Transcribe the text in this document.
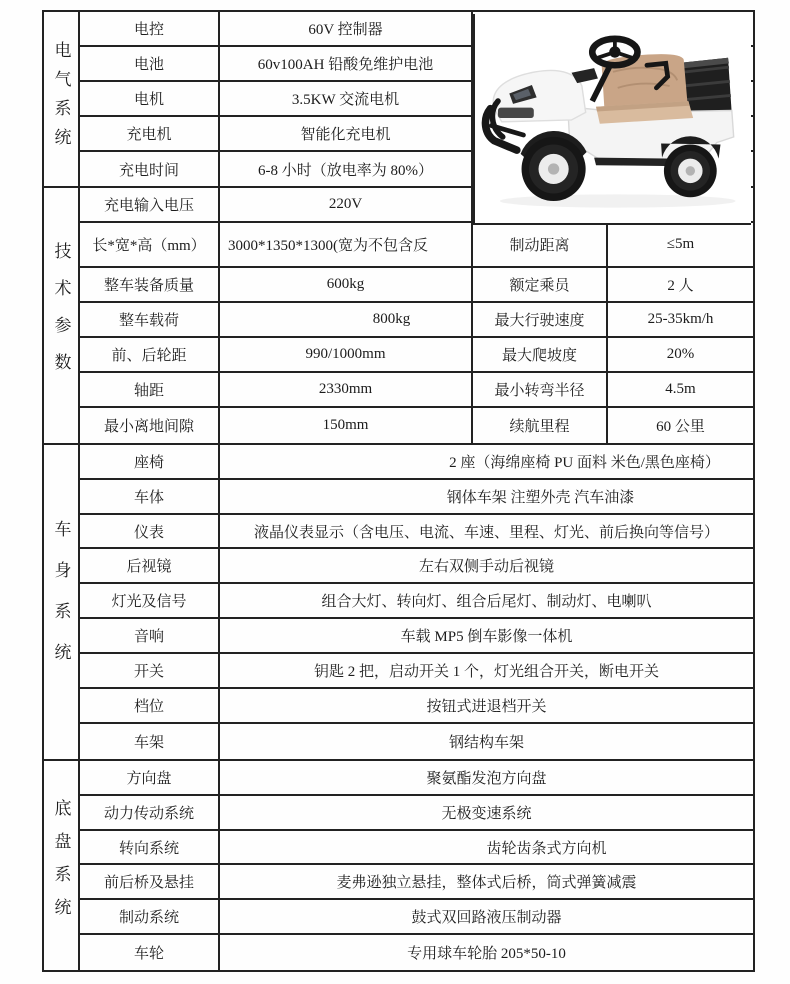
电气系统
电控	60V 控制器
电池	60v100AH 铅酸免维护电池
电机	3.5KW 交流电机
充电机	智能化充电机
充电时间	6-8 小时（放电率为 80%）
技术参数
充电输入电压	220V
长*宽*高（mm）	3000*1350*1300(宽为不包含反	制动距离	≤5m
整车装备质量	600kg	额定乘员	2 人
整车载荷	800kg	最大行驶速度	25-35km/h
前、后轮距	990/1000mm	最大爬坡度	20%
轴距	2330mm	最小转弯半径	4.5m
最小离地间隙	150mm	续航里程	60 公里
车身系统
座椅	2 座（海绵座椅 PU 面料 米色/黑色座椅）
车体	钢体车架 注塑外壳 汽车油漆
仪表	液晶仪表显示（含电压、电流、车速、里程、灯光、前后换向等信号）
后视镜	左右双侧手动后视镜
灯光及信号	组合大灯、转向灯、组合后尾灯、制动灯、电喇叭
音响	车载 MP5 倒车影像一体机
开关	钥匙 2 把，启动开关 1 个，灯光组合开关，断电开关
档位	按钮式进退档开关
车架	钢结构车架
底盘系统
方向盘	聚氨酯发泡方向盘
动力传动系统	无极变速系统
转向系统	齿轮齿条式方向机
前后桥及悬挂	麦弗逊独立悬挂，整体式后桥，筒式弹簧减震
制动系统	鼓式双回路液压制动器
车轮	专用球车轮胎 205*50-10
